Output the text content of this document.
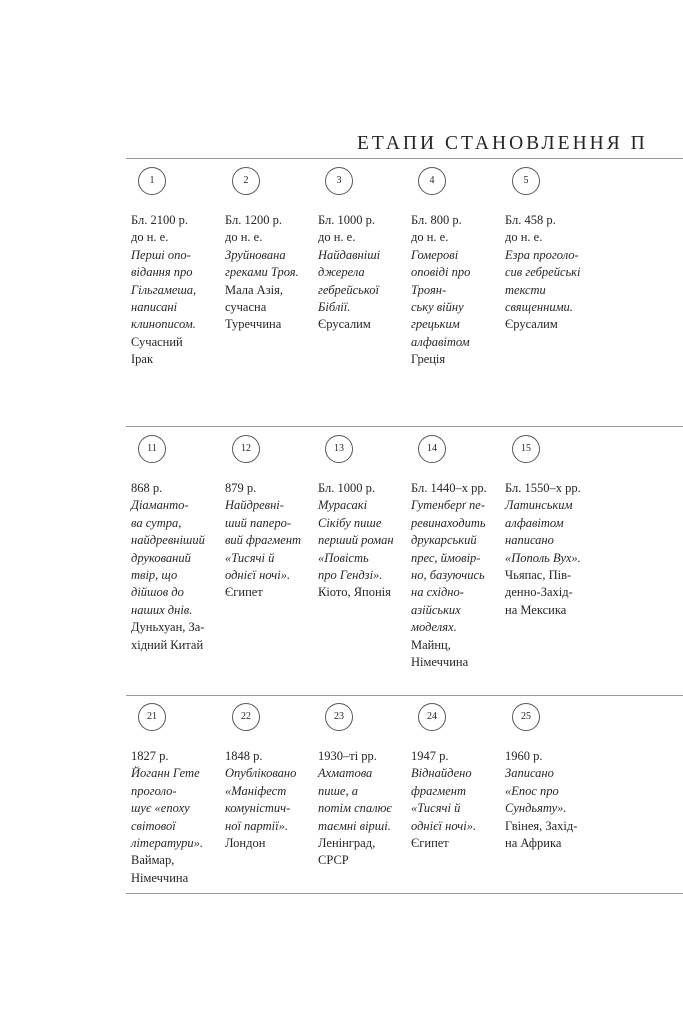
ЕТАПИ СТАНОВЛЕННЯ П
1
Бл. 2100 р.
до н. е.
Перші опо-
відання про
Гільгамеша,
написані
клинописом.
Сучасний
Ірак
2
Бл. 1200 р.
до н. е.
Зруйнована
греками Троя.
Мала Азія,
сучасна
Туреччина
3
Бл. 1000 р.
до н. е.
Найдавніші
джерела
гебрейської
Біблії.
Єрусалим
4
Бл. 800 р.
до н. е.
Гомерові
оповіді про
Троян-
ську війну
грецьким
алфавітом
Греція
5
Бл. 458 р.
до н. е.
Езра проголо-
сив гебрейські
тексти
священними.
Єрусалим
11
868 р.
Діаманто-
ва сутра,
найдревніший
друкований
твір, що
дійшов до
наших днів.
Дуньхуан, За-
хідний Китай
12
879 р.
Найдревні-
ший папеpо-
вий фрагмент
«Тисячі й
однієї ночі».
Єгипет
13
Бл. 1000 р.
Мурасакі
Сікібу пише
перший роман
«Повість
про Гендзі».
Кіото, Японія
14
Бл. 1440–х рр.
Гутенберґ пе-
ревинаходить
друкарський
прес, ймовір-
но, базуючись
на східно-
азійських
моделях.
Майнц,
Німеччина
15
Бл. 1550–х рр.
Латинським
алфавітом
написано
«Пополь Вух».
Чьяпас, Пів-
денно-Захід-
на Мексика
21
1827 р.
Йоганн Гете
проголо-
шує «епоху
світової
літератури».
Ваймар,
Німеччина
22
1848 р.
Опубліковано
«Маніфест
комуністич-
ної партії».
Лондон
23
1930–ті рр.
Ахматова
пише, а
потім спалює
таємні вірші.
Ленінград,
СРСР
24
1947 р.
Віднайдено
фрагмент
«Тисячі й
однієї ночі».
Єгипет
25
1960 р.
Записано
«Епос про
Сундьяту».
Гвінея, Захід-
на Африка
